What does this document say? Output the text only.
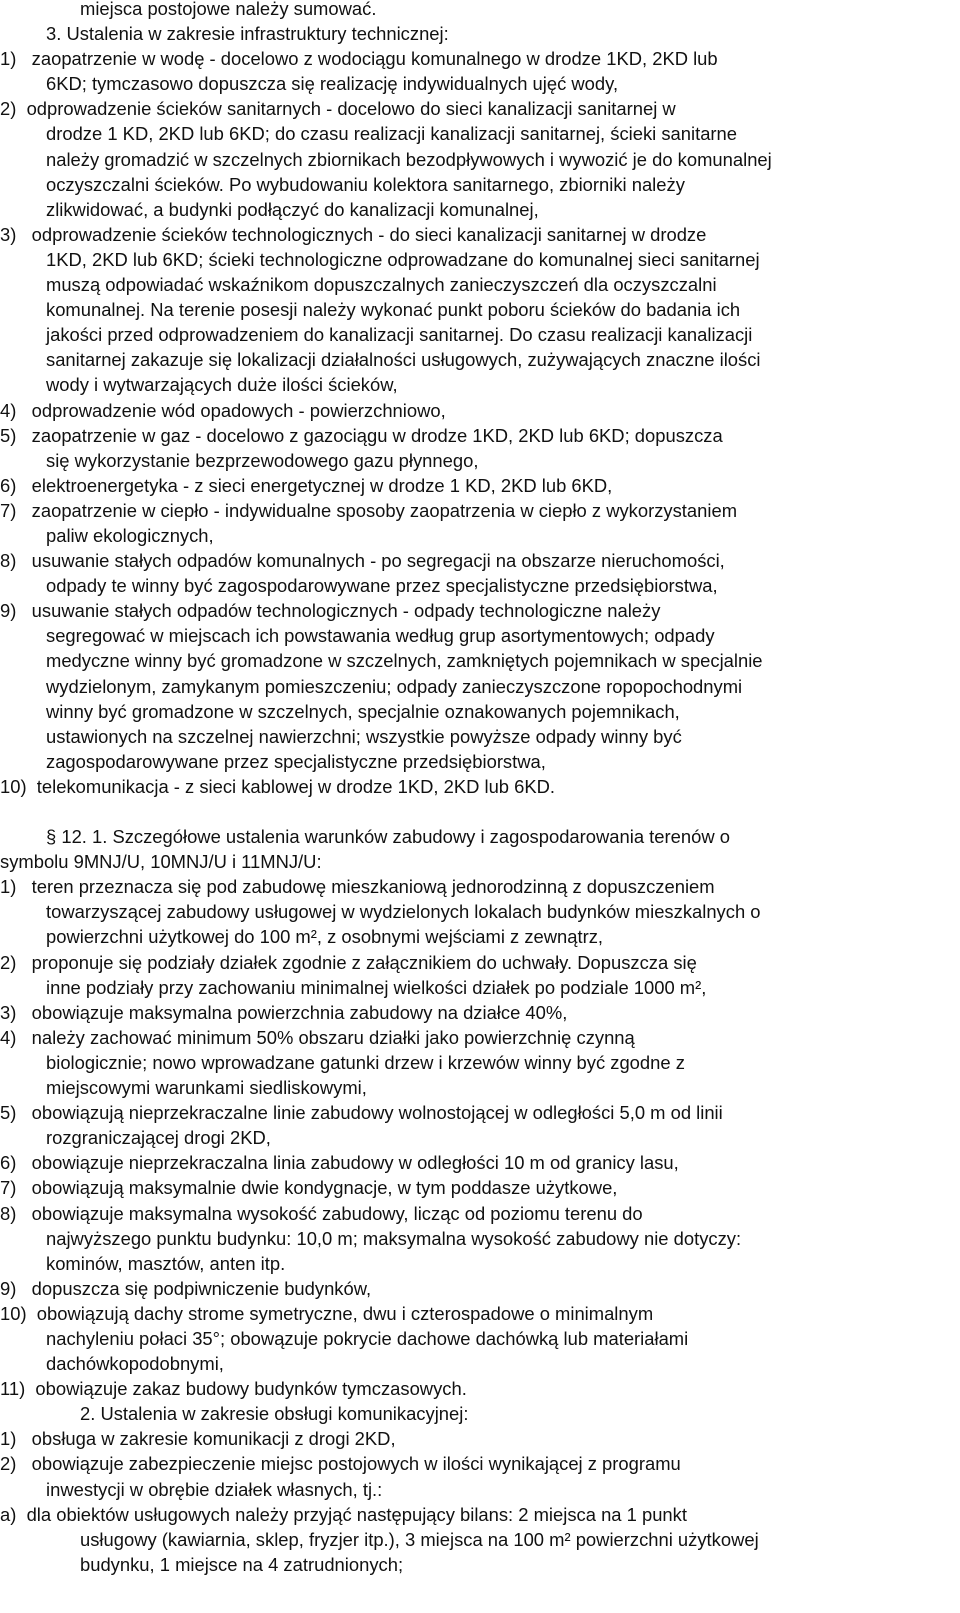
miejsca postojowe należy sumować.
3. Ustalenia w zakresie infrastruktury technicznej:
1)   zaopatrzenie w wodę - docelowo z wodociągu komunalnego w drodze 1KD, 2KD lub
6KD; tymczasowo dopuszcza się realizację indywidualnych ujęć wody,
2)  odprowadzenie ścieków sanitarnych - docelowo do sieci kanalizacji sanitarnej w
drodze 1 KD, 2KD lub 6KD; do czasu realizacji kanalizacji sanitarnej, ścieki sanitarne
należy gromadzić w szczelnych zbiornikach bezodpływowych i wywozić je do komunalnej
oczyszczalni ścieków. Po wybudowaniu kolektora sanitarnego, zbiorniki należy
zlikwidować, a budynki podłączyć do kanalizacji komunalnej,
3)   odprowadzenie ścieków technologicznych - do sieci kanalizacji sanitarnej w drodze
1KD, 2KD lub 6KD; ścieki technologiczne odprowadzane do komunalnej sieci sanitarnej
muszą odpowiadać wskaźnikom dopuszczalnych zanieczyszczeń dla oczyszczalni
komunalnej. Na terenie posesji należy wykonać punkt poboru ścieków do badania ich
jakości przed odprowadzeniem do kanalizacji sanitarnej. Do czasu realizacji kanalizacji
sanitarnej zakazuje się lokalizacji działalności usługowych, zużywających znaczne ilości
wody i wytwarzających duże ilości ścieków,
4)   odprowadzenie wód opadowych - powierzchniowo,
5)   zaopatrzenie w gaz - docelowo z gazociągu w drodze 1KD, 2KD lub 6KD; dopuszcza
się wykorzystanie bezprzewodowego gazu płynnego,
6)   elektroenergetyka - z sieci energetycznej w drodze 1 KD, 2KD lub 6KD,
7)   zaopatrzenie w ciepło - indywidualne sposoby zaopatrzenia w ciepło z wykorzystaniem
paliw ekologicznych,
8)   usuwanie stałych odpadów komunalnych - po segregacji na obszarze nieruchomości,
odpady te winny być zagospodarowywane przez specjalistyczne przedsiębiorstwa,
9)   usuwanie stałych odpadów technologicznych - odpady technologiczne należy
segregować w miejscach ich powstawania według grup asortymentowych; odpady
medyczne winny być gromadzone w szczelnych, zamkniętych pojemnikach w specjalnie
wydzielonym, zamykanym pomieszczeniu; odpady zanieczyszczone ropopochodnymi
winny być gromadzone w szczelnych, specjalnie oznakowanych pojemnikach,
ustawionych na szczelnej nawierzchni; wszystkie powyższe odpady winny być
zagospodarowywane przez specjalistyczne przedsiębiorstwa,
10)  telekomunikacja - z sieci kablowej w drodze 1KD, 2KD lub 6KD.
§ 12. 1. Szczegółowe ustalenia warunków zabudowy i zagospodarowania terenów o
symbolu 9MNJ/U, 10MNJ/U i 11MNJ/U:
1)   teren przeznacza się pod zabudowę mieszkaniową jednorodzinną z dopuszczeniem
towarzyszącej zabudowy usługowej w wydzielonych lokalach budynków mieszkalnych o
powierzchni użytkowej do 100 m², z osobnymi wejściami z zewnątrz,
2)   proponuje się podziały działek zgodnie z załącznikiem do uchwały. Dopuszcza się
inne podziały przy zachowaniu minimalnej wielkości działek po podziale 1000 m²,
3)   obowiązuje maksymalna powierzchnia zabudowy na działce 40%,
4)   należy zachować minimum 50% obszaru działki jako powierzchnię czynną
biologicznie; nowo wprowadzane gatunki drzew i krzewów winny być zgodne z
miejscowymi warunkami siedliskowymi,
5)   obowiązują nieprzekraczalne linie zabudowy wolnostojącej w odległości 5,0 m od linii
rozgraniczającej drogi 2KD,
6)   obowiązuje nieprzekraczalna linia zabudowy w odległości 10 m od granicy lasu,
7)   obowiązują maksymalnie dwie kondygnacje, w tym poddasze użytkowe,
8)   obowiązuje maksymalna wysokość zabudowy, licząc od poziomu terenu do
najwyższego punktu budynku: 10,0 m; maksymalna wysokość zabudowy nie dotyczy:
kominów, masztów, anten itp.
9)   dopuszcza się podpiwniczenie budynków,
10)  obowiązują dachy strome symetryczne, dwu i czterospadowe o minimalnym
nachyleniu połaci 35°; obowązuje pokrycie dachowe dachówką lub materiałami
dachówkopodobnymi,
11)  obowiązuje zakaz budowy budynków tymczasowych.
2. Ustalenia w zakresie obsługi komunikacyjnej:
1)   obsługa w zakresie komunikacji z drogi 2KD,
2)   obowiązuje zabezpieczenie miejsc postojowych w ilości wynikającej z programu
inwestycji w obrębie działek własnych, tj.:
a)  dla obiektów usługowych należy przyjąć następujący bilans: 2 miejsca na 1 punkt
usługowy (kawiarnia, sklep, fryzjer itp.), 3 miejsca na 100 m² powierzchni użytkowej
budynku, 1 miejsce na 4 zatrudnionych;
